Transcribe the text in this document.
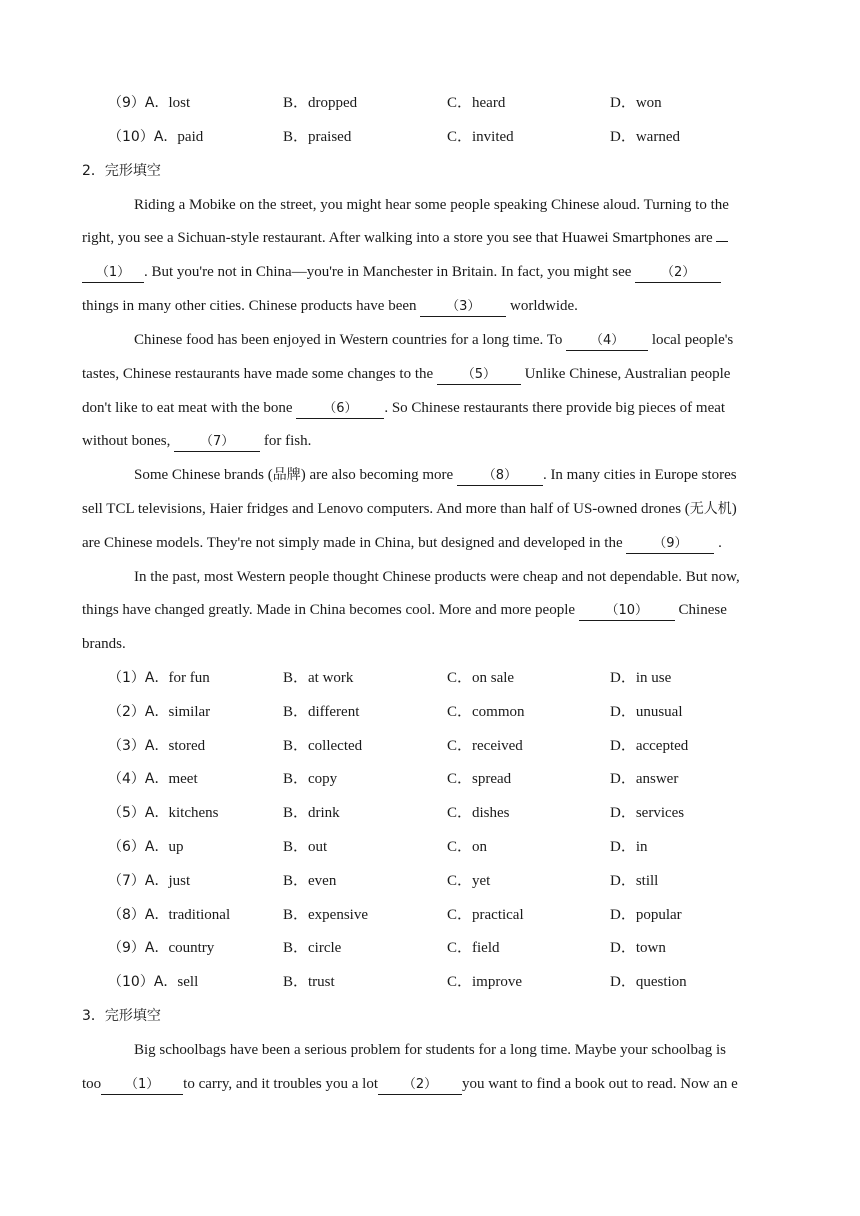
（9）A．lost	B．dropped	C．heard	D．won
（10）A．paid	B．praised	C．invited	D．warned
2．完形填空
Riding a Mobike on the street, you might hear some people speaking Chinese aloud. Turning to the
right, you see a Sichuan-style restaurant. After walking into a store you see that Huawei Smartphones are
（1） . But you're not in China—you're in Manchester in Britain. In fact, you might see （2）
things in many other cities. Chinese products have been （3） worldwide.
Chinese food has been enjoyed in Western countries for a long time. To （4） local people's
tastes, Chinese restaurants have made some changes to the （5） Unlike Chinese, Australian people
don't like to eat meat with the bone （6） . So Chinese restaurants there provide big pieces of meat
without bones, （7） for fish.
Some Chinese brands (品牌) are also becoming more （8） . In many cities in Europe stores
sell TCL televisions, Haier fridges and Lenovo computers. And more than half of US-owned drones (无人机)
are Chinese models. They're not simply made in China, but designed and developed in the （9） .
In the past, most Western people thought Chinese products were cheap and not dependable. But now,
things have changed greatly. Made in China becomes cool. More and more people （10） Chinese
brands.
（1）A．for fun	B．at work	C．on sale	D．in use
（2）A．similar	B．different	C．common	D．unusual
（3）A．stored	B．collected	C．received	D．accepted
（4）A．meet	B．copy	C．spread	D．answer
（5）A．kitchens	B．drink	C．dishes	D．services
（6）A．up	B．out	C．on	D．in
（7）A．just	B．even	C．yet	D．still
（8）A．traditional	B．expensive	C．practical	D．popular
（9）A．country	B．circle	C．field	D．town
（10）A．sell	B．trust	C．improve	D．question
3．完形填空
Big schoolbags have been a serious problem for students for a long time. Maybe your schoolbag is
too （1） to carry, and it troubles you a lot （2） you want to find a book out to read. Now an e
